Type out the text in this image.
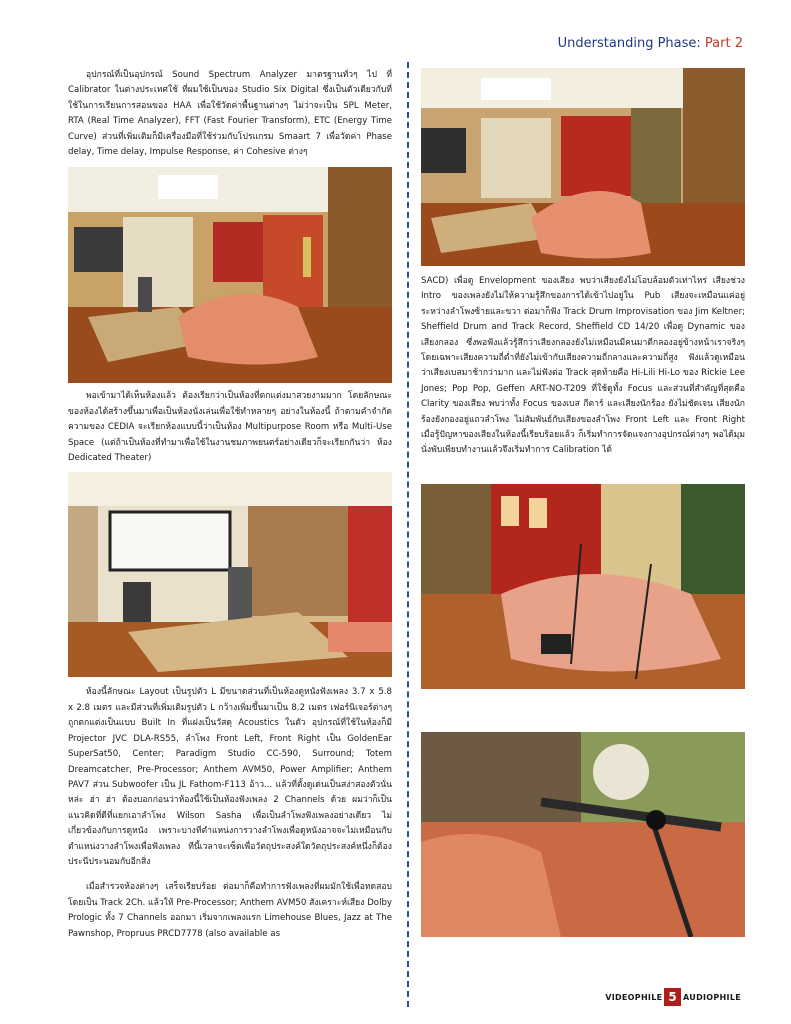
Understanding Phase: Part 2

อุปกรณ์ที่เป็นอุปกรณ์ Sound Spectrum Analyzer มาตรฐานทั่วๆ ไป ที่ Calibrator ในต่างประเทศใช้ ที่ผมใช้เป็นของ Studio Six Digital ซึ่งเป็นตัวเดียวกับที่ใช้ในการเรียนการสอนของ HAA เพื่อใช้วัดค่าพื้นฐานต่างๆ ไม่ว่าจะเป็น SPL Meter, RTA (Real Time Analyzer), FFT (Fast Fourier Transform), ETC (Energy Time Curve) ส่วนที่เพิ่มเติมก็มีเครื่องมือที่ใช้ร่วมกับโปรแกรม Smaart 7 เพื่อวัดค่า Phase delay, Time delay, Impulse Response, ค่า Cohesive ต่างๆ

พอเข้ามาได้เห็นห้องแล้ว ต้องเรียกว่าเป็นห้องที่ตกแต่งมาสวยงามมาก โดยลักษณะของห้องได้สร้างขึ้นมาเพื่อเป็นห้องนั่งเล่นเพื่อใช้ทำหลายๆ อย่างในห้องนี้ ถ้าตามคำจำกัดความของ CEDIA จะเรียกห้องแบบนี้ว่าเป็นห้อง Multipurpose Room หรือ Multi-Use Space (แต่ถ้าเป็นห้องที่ทำมาเพื่อใช้ในงานชมภาพยนตร์อย่างเดียวก็จะเรียกกันว่า ห้อง Dedicated Theater)

ห้องนี้ลักษณะ Layout เป็นรูปตัว L มีขนาดส่วนที่เป็นห้องดูหนังฟังเพลง 3.7 x 5.8 x 2.8 เมตร และมีส่วนที่เพิ่มเติมรูปตัว L กว้างเพิ่มขึ้นมาเป็น 8.2 เมตร เฟอร์นิเจอร์ต่างๆ ถูกตกแต่งเป็นแบบ Built In ที่แฝงเป็นวัสดุ Acoustics ในตัว อุปกรณ์ที่ใช้ในห้องก็มี Projector JVC DLA-RS55, ลำโพง Front Left, Front Right เป็น GoldenEar SuperSat50, Center; Paradigm Studio CC-590, Surround; Totem Dreamcatcher, Pre-Processor; Anthem AVM50, Power Amplifier; Anthem PAV7 ส่วน Subwoofer เป็น JL Fathom-F113 อ้าว... แล้วที่ตั้งดูเด่นเป็นสง่าสองตัวนั่นหล่ะ ฮ่า ฮ่า ต้องบอกก่อนว่าห้องนี้ใช้เป็นห้องฟังเพลง 2 Channels ด้วย ผมว่าก็เป็นแนวคิดที่ดีที่แยกเอาลำโพง Wilson Sasha เพื่อเป็นลำโพงฟังเพลงอย่างเดียว ไม่เกี่ยวข้องกับการดูหนัง เพราะบางทีตำแหน่งการวางลำโพงเพื่อดูหนังอาจจะไม่เหมือนกับตำแหน่งวางลำโพงเพื่อฟังเพลง ทีนี้เวลาจะเซ็ตเพื่อวัตถุประสงค์ใดวัตถุประสงค์หนึ่งก็ต้องประนีประนอมกับอีกสิ่ง

เมื่อสำรวจห้องต่างๆ เสร็จเรียบร้อย ต่อมาก็คือทำการฟังเพลงที่ผมมักใช้เพื่อทดสอบ โดยเป็น Track 2Ch. แล้วให้ Pre-Processor; Anthem AVM50 สังเคราะห์เสียง Dolby Prologic ทั้ง 7 Channels ออกมา เริ่มจากเพลงแรก Limehouse Blues, Jazz at The Pawnshop, Propruus PRCD7778 (also available as

SACD) เพื่อดู Envelopment ของเสียง พบว่าเสียงยังไม่โอบล้อมตัวเท่าไหร่ เสียงช่วง Intro ของเพลงยังไม่ให้ความรู้สึกของการได้เข้าไปอยู่ใน Pub เสียงจะเหมือนแค่อยู่ระหว่างลำโพงซ้ายและขวา ต่อมาก็ฟัง Track Drum Improvisation ของ Jim Keltner; Sheffield Drum and Track Record, Sheffield CD 14/20 เพื่อดู Dynamic ของเสียงกลอง ซึ่งพอฟังแล้วรู้สึกว่าเสียงกลองยังไม่เหมือนมีคนมาตีกลองอยู่ข้างหน้าเราจริงๆ โดยเฉพาะเสียงความถี่ต่ำที่ยังไม่เข้ากับเสียงความถี่กลางและความถี่สูง ฟังแล้วดูเหมือนว่าเสียงเบสมาช้ากว่ามาก และไม่ฟังต่อ Track สุดท้ายคือ Hi-Lili Hi-Lo ของ Rickie Lee Jones; Pop Pop, Geffen ART-NO-T209 ที่ใช้ดูทั้ง Focus และส่วนที่สำคัญที่สุดคือ Clarity ของเสียง พบว่าทั้ง Focus ของเบส กีตาร์ และเสียงนักร้อง ยังไม่ชัดเจน เสียงนักร้องยังกองอยู่แถวลำโพง ไม่สัมพันธ์กับเสียงของลำโพง Front Left และ Front Right เมื่อรู้ปัญหาของเสียงในห้องนี้เรียบร้อยแล้ว ก็เริ่มทำการจัดแจงกางอุปกรณ์ต่างๆ พอได้มุมนั่งพับเพียบทำงานแล้วจึงเริ่มทำการ Calibration ได้

VIDEOPHILE 5 AUDIOPHILE
